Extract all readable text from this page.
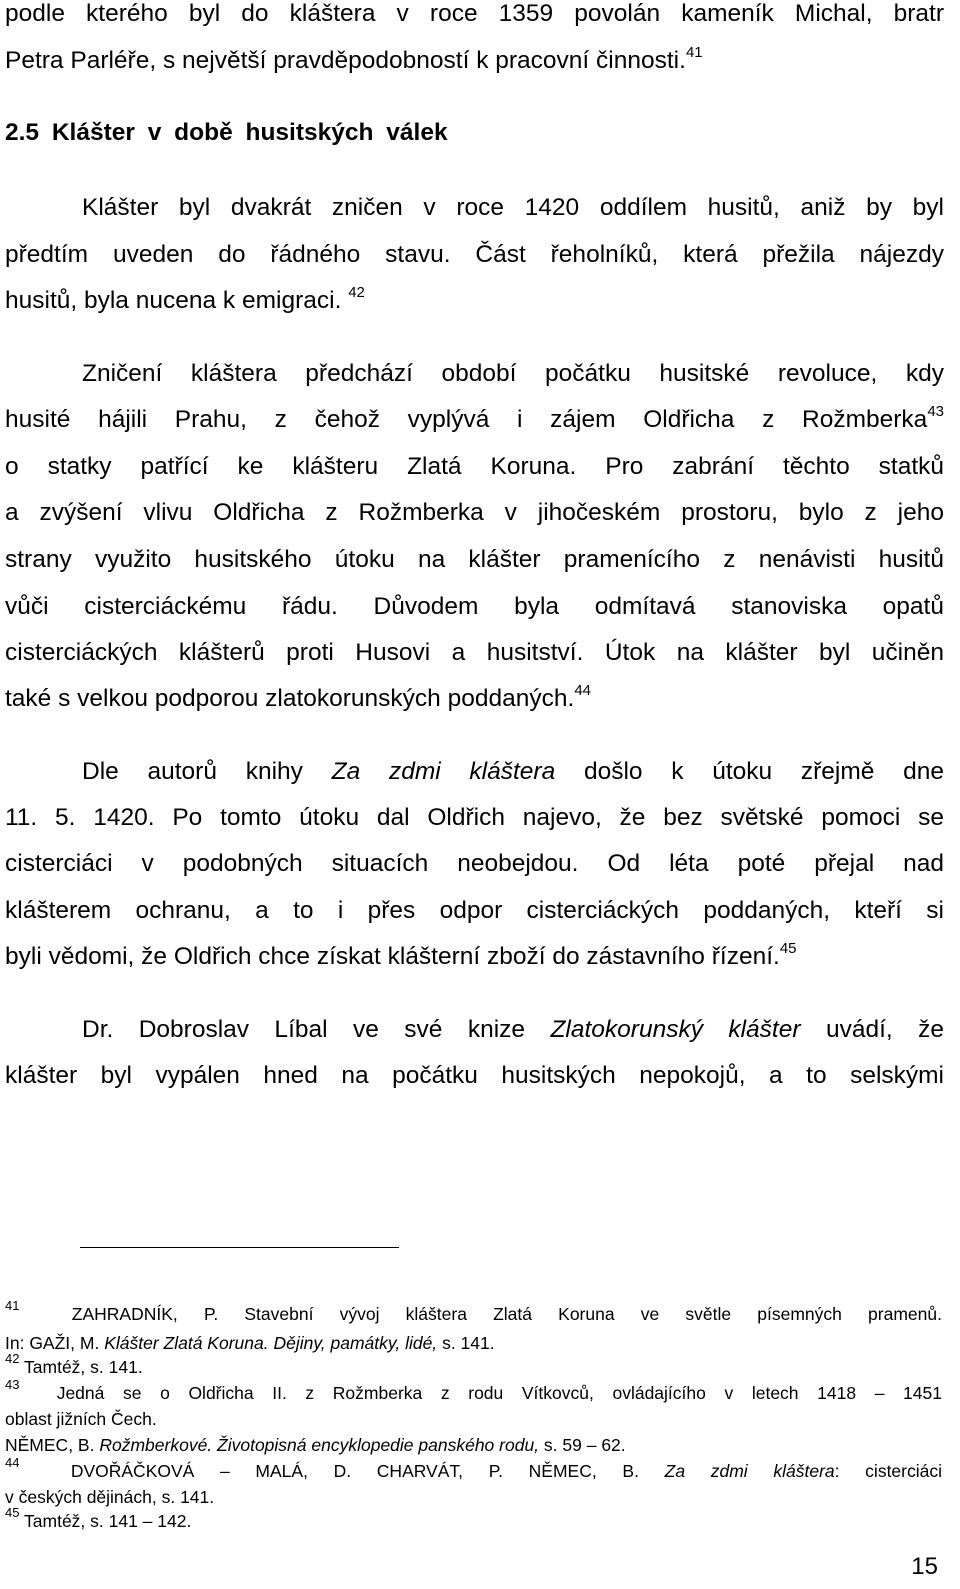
podle kterého byl do kláštera v roce 1359 povolán kameník Michal, bratr

Petra Parléře, s největší pravděpodobností k pracovní činnosti.$^{41}$

2.5 Klášter v době husitských válek

Klášter byl dvakrát zničen v roce 1420 oddílem husitů, aniž by byl

předtím uveden do řádného stavu. Část řeholníků, která přežila nájezdy

husitů, byla nucena k emigraci. $^{42}$

Zničení kláštera předchází období počátku husitské revoluce, kdy

husité hájili Prahu, z čehož vyplývá i zájem Oldřicha z Rožmberka$^{43}$

o statky patřící ke klášteru Zlatá Koruna. Pro zabrání těchto statků

a zvýšení vlivu Oldřicha z Rožmberka v jihočeském prostoru, bylo z jeho

strany využito husitského útoku na klášter pramenícího z nenávisti husitů

vůči cisterciáckému řádu. Důvodem byla odmítavá stanoviska opatů

cisterciáckých klášterů proti Husovi a husitství. Útok na klášter byl učiněn

také s velkou podporou zlatokorunských poddaných.$^{44}$

Dle autorů knihy Za zdmi kláštera došlo k útoku zřejmě dne

11. 5. 1420. Po tomto útoku dal Oldřich najevo, že bez světské pomoci se

cisterciáci v podobných situacích neobejdou. Od léta poté přejal nad

klášterem ochranu, a to i přes odpor cisterciáckých poddaných, kteří si

byli vědomi, že Oldřich chce získat klášterní zboží do zástavního řízení.$^{45}$

Dr. Dobroslav Líbal ve své knize Zlatokorunský klášter uvádí, že

klášter byl vypálen hned na počátku husitských nepokojů, a to selskými

$^{41}$	ZAHRADNÍK, P. Stavební vývoj kláštera Zlatá Koruna ve světle písemných pramenů.

In: GAŽI, M. Klášter Zlatá Koruna. Dějiny, památky, lidé, s. 141.

$^{42}$ Tamtéž, s. 141.

$^{43}$ Jedná se o Oldřicha II. z Rožmberka z rodu Vítkovců, ovládajícího v letech 1418 – 1451

oblast jižních Čech.

NĚMEC, B. Rožmberkové. Životopisná encyklopedie panského rodu, s. 59 – 62.

$^{44}$	DVOŘÁČKOVÁ – MALÁ, D. CHARVÁT, P. NĚMEC, B. Za zdmi kláštera: cisterciáci

v českých dějinách, s. 141.

$^{45}$ Tamtéž, s. 141 – 142.

15
